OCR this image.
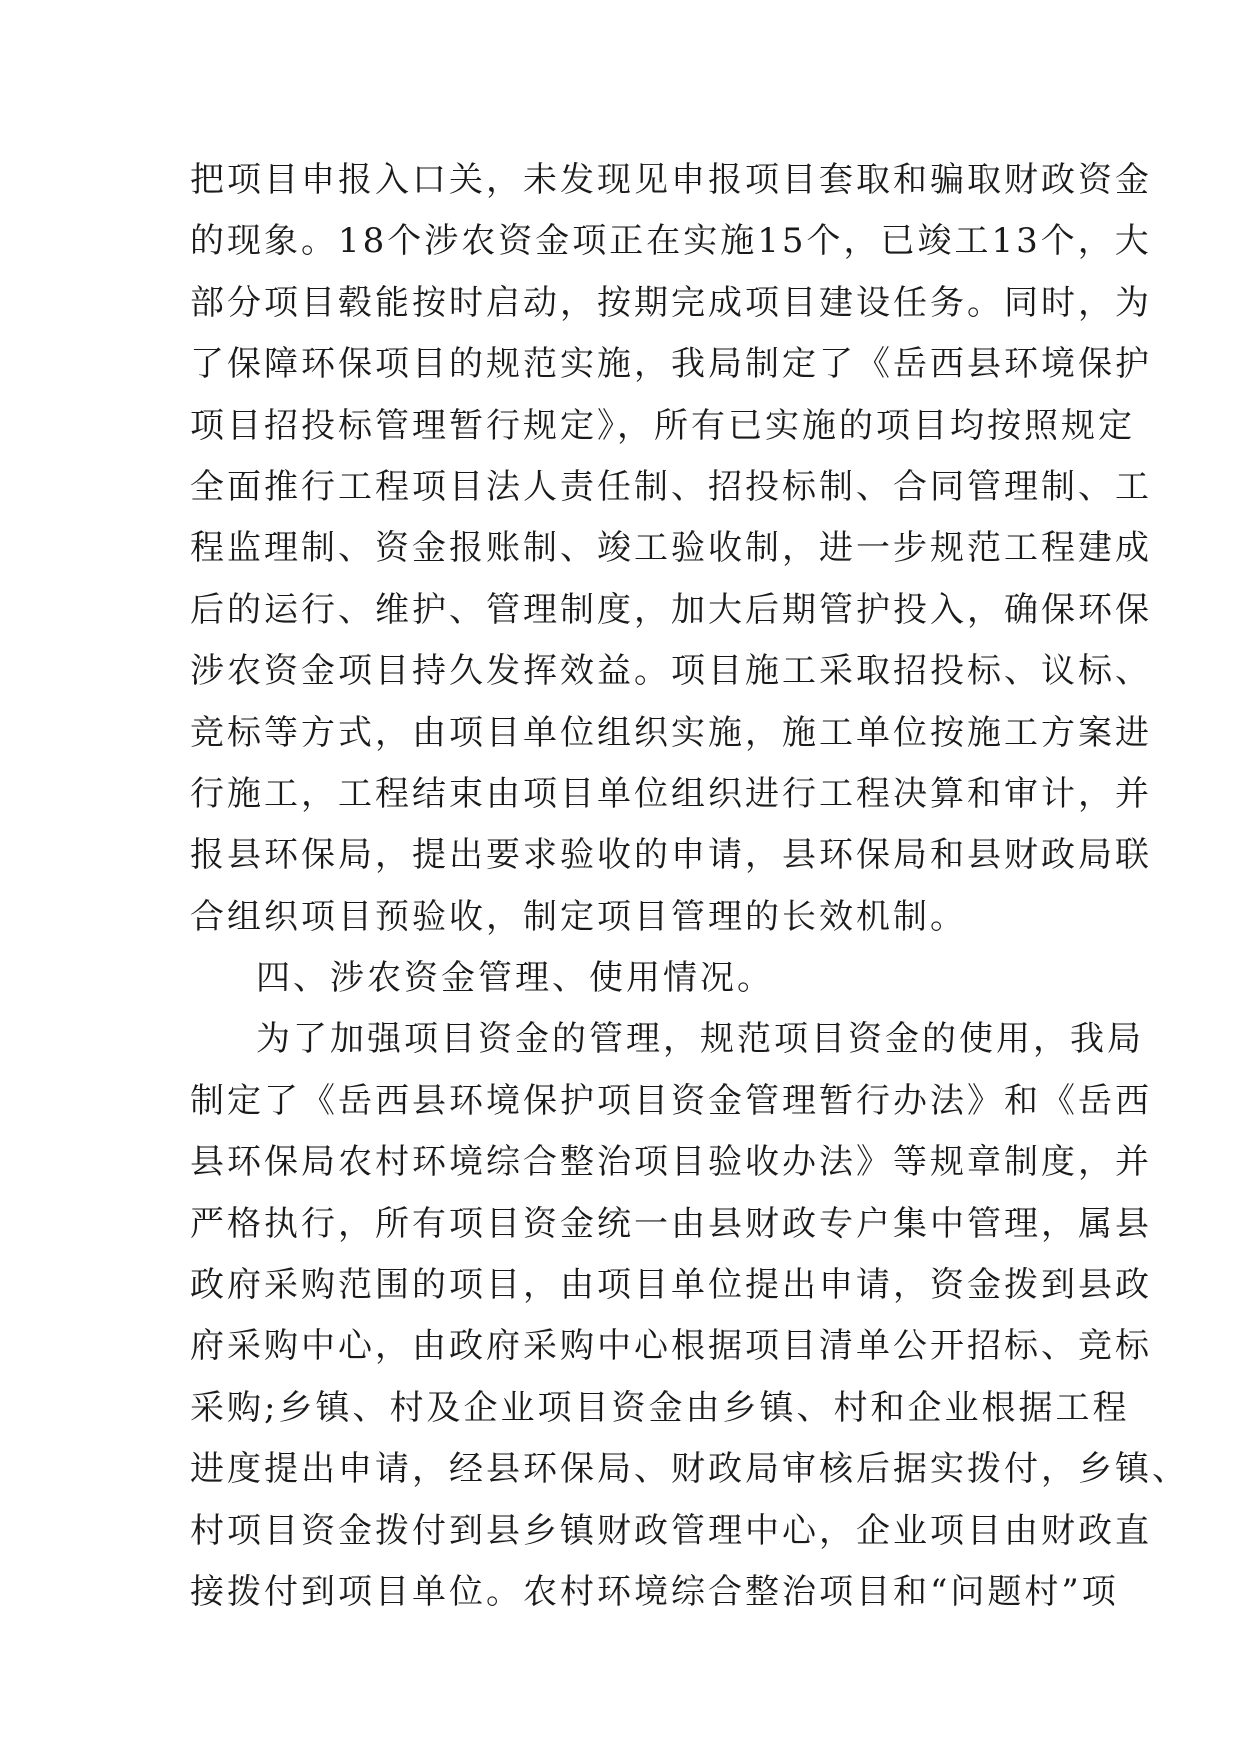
把项目申报入口关，未发现见申报项目套取和骗取财政资金
的现象。18个涉农资金项正在实施15个，已竣工13个，大
部分项目毂能按时启动，按期完成项目建设任务。同时，为
了保障环保项目的规范实施，我局制定了《岳西县环境保护
项目招投标管理暂行规定》，所有已实施的项目均按照规定
全面推行工程项目法人责任制、招投标制、合同管理制、工
程监理制、资金报账制、竣工验收制，进一步规范工程建成
后的运行、维护、管理制度，加大后期管护投入，确保环保
涉农资金项目持久发挥效益。项目施工采取招投标、议标、
竞标等方式，由项目单位组织实施，施工单位按施工方案进
行施工，工程结束由项目单位组织进行工程决算和审计，并
报县环保局，提出要求验收的申请，县环保局和县财政局联
合组织项目预验收，制定项目管理的长效机制。
四、涉农资金管理、使用情况。
为了加强项目资金的管理，规范项目资金的使用，我局
制定了《岳西县环境保护项目资金管理暂行办法》和《岳西
县环保局农村环境综合整治项目验收办法》等规章制度，并
严格执行，所有项目资金统一由县财政专户集中管理，属县
政府采购范围的项目，由项目单位提出申请，资金拨到县政
府采购中心，由政府采购中心根据项目清单公开招标、竞标
采购;乡镇、村及企业项目资金由乡镇、村和企业根据工程
进度提出申请，经县环保局、财政局审核后据实拨付，乡镇、
村项目资金拨付到县乡镇财政管理中心，企业项目由财政直
接拨付到项目单位。农村环境综合整治项目和“问题村”项
